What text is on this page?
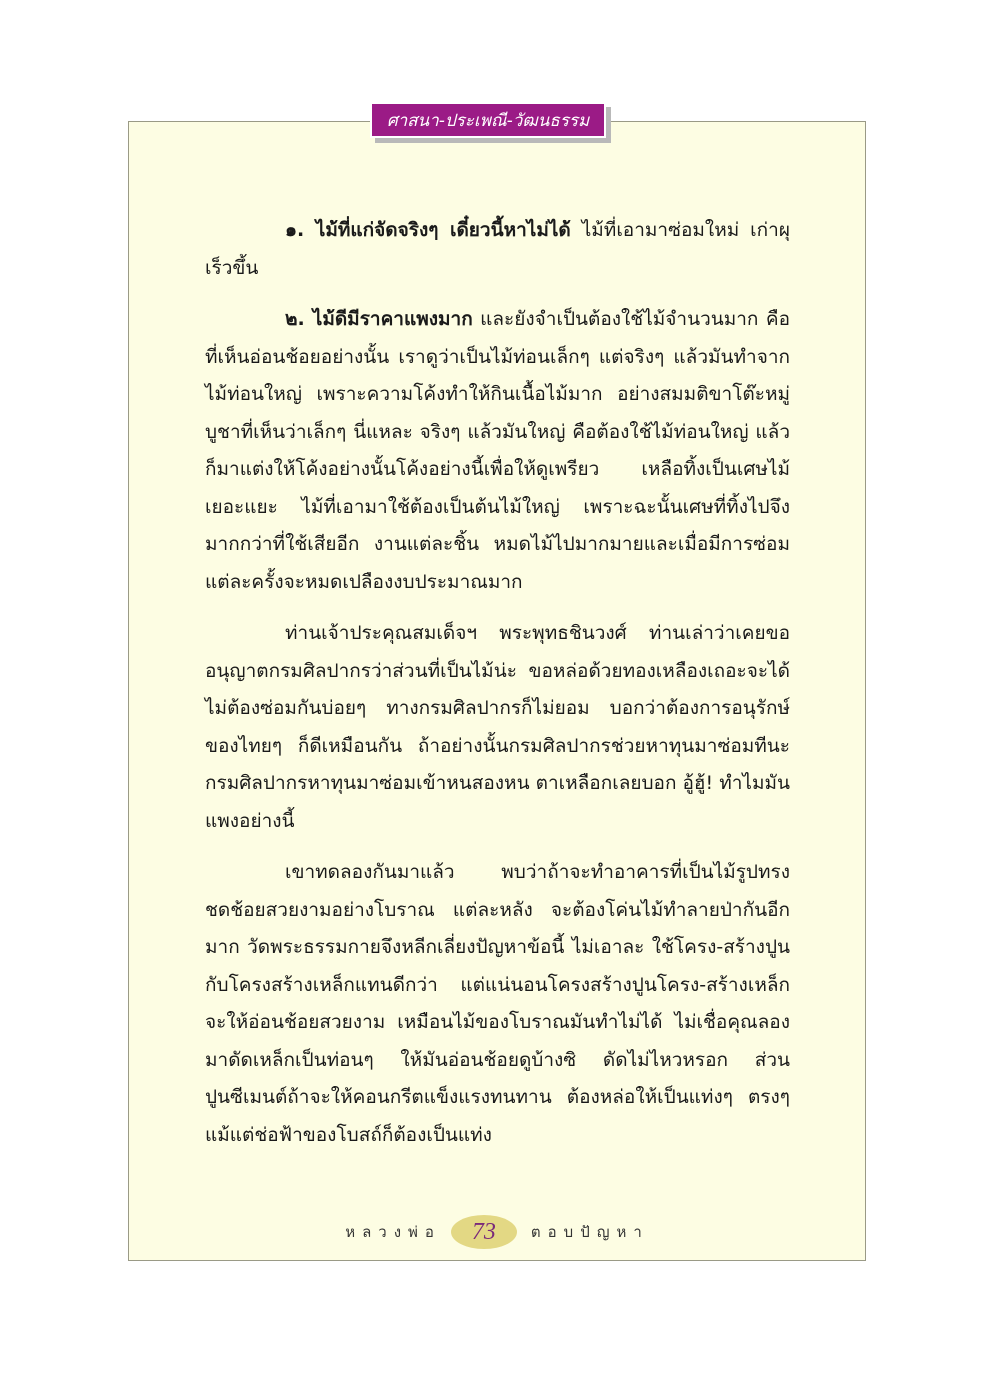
ศาสนา-ประเพณี-วัฒนธรรม

๑. ไม้ที่แก่จัดจริงๆ เดี๋ยวนี้หาไม่ได้ ไม้ที่เอามาซ่อมใหม่ เก่าผุเร็วขึ้น

๒. ไม้ดีมีราคาแพงมาก และยังจำเป็นต้องใช้ไม้จำนวนมาก คือ ที่เห็นอ่อนช้อยอย่างนั้น เราดูว่าเป็นไม้ท่อนเล็กๆ แต่จริงๆ แล้วมันทำจากไม้ท่อนใหญ่ เพราะความโค้งทำให้กินเนื้อไม้มาก อย่างสมมติขาโต๊ะหมู่บูชาที่เห็นว่าเล็กๆ นี่แหละ จริงๆ แล้วมันใหญ่ คือต้องใช้ไม้ท่อนใหญ่ แล้วก็มาแต่งให้โค้งอย่างนั้นโค้งอย่างนี้เพื่อให้ดูเพรียว เหลือทิ้งเป็นเศษไม้เยอะแยะ ไม้ที่เอามาใช้ต้องเป็นต้นไม้ใหญ่ เพราะฉะนั้นเศษที่ทิ้งไปจึงมากกว่าที่ใช้เสียอีก งานแต่ละชิ้น หมดไม้ไปมากมายและเมื่อมีการซ่อมแต่ละครั้งจะหมดเปลืองงบประมาณมาก

ท่านเจ้าประคุณสมเด็จฯ พระพุทธชินวงศ์ ท่านเล่าว่าเคยขออนุญาตกรมศิลปากรว่าส่วนที่เป็นไม้น่ะ ขอหล่อด้วยทองเหลืองเถอะจะได้ไม่ต้องซ่อมกันบ่อยๆ ทางกรมศิลปากรก็ไม่ยอม บอกว่าต้องการอนุรักษ์ของไทยๆ ก็ดีเหมือนกัน ถ้าอย่างนั้นกรมศิลปากรช่วยหาทุนมาซ่อมทีนะ กรมศิลปากรหาทุนมาซ่อมเข้าหนสองหน ตาเหลือกเลยบอก อู้ฮู้! ทำไมมันแพงอย่างนี้

เขาทดลองกันมาแล้ว พบว่าถ้าจะทำอาคารที่เป็นไม้รูปทรงชดช้อยสวยงามอย่างโบราณ แต่ละหลัง จะต้องโค่นไม้ทำลายป่ากันอีกมาก วัดพระธรรมกายจึงหลีกเลี่ยงปัญหาข้อนี้ ไม่เอาละ ใช้โครง-สร้างปูนกับโครงสร้างเหล็กแทนดีกว่า แต่แน่นอนโครงสร้างปูนโครง-สร้างเหล็กจะให้อ่อนช้อยสวยงาม เหมือนไม้ของโบราณมันทำไม่ได้ ไม่เชื่อคุณลองมาดัดเหล็กเป็นท่อนๆ ให้มันอ่อนช้อยดูบ้างซิ ดัดไม่ไหวหรอก ส่วนปูนซีเมนต์ถ้าจะให้คอนกรีตแข็งแรงทนทาน ต้องหล่อให้เป็นแท่งๆ ตรงๆ แม้แต่ช่อฟ้าของโบสถ์ก็ต้องเป็นแท่ง

หลวงพ่อ 73 ตอบปัญหา
